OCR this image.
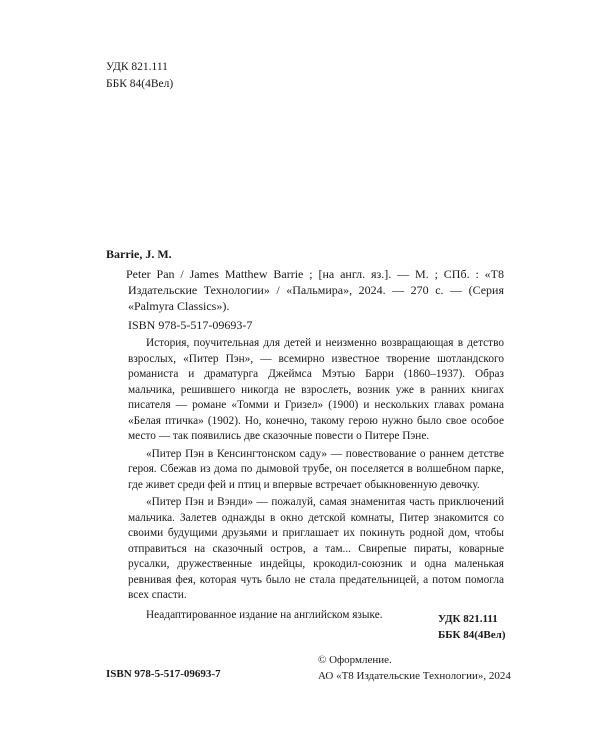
УДК 821.111
ББК 84(4Вел)
Barrie, J. M.
Peter Pan / James Matthew Barrie ; [на англ. яз.]. — М. ; СПб. : «Т8 Издательские Технологии» / «Пальмира», 2024. — 270 с. — (Серия «Palmyra Classics»).
ISBN 978-5-517-09693-7

История, поучительная для детей и неизменно возвращающая в детство взрослых, «Питер Пэн», — всемирно известное творение шотландского романиста и драматурга Джеймса Мэтью Барри (1860–1937). Образ мальчика, решившего никогда не взрослеть, возник уже в ранних книгах писателя — романе «Томми и Гризел» (1900) и нескольких главах романа «Белая птичка» (1902). Но, конечно, такому герою нужно было свое особое место — так появились две сказочные повести о Питере Пэне.

«Питер Пэн в Кенсингтонском саду» — повествование о раннем детстве героя. Сбежав из дома по дымовой трубе, он поселяется в волшебном парке, где живет среди фей и птиц и впервые встречает обыкновенную девочку.

«Питер Пэн и Вэнди» — пожалуй, самая знаменитая часть приключений мальчика. Залетев однажды в окно детской комнаты, Питер знакомится со своими будущими друзьями и приглашает их покинуть родной дом, чтобы отправиться на сказочный остров, а там... Свирепые пираты, коварные русалки, дружественные индейцы, крокодил-союзник и одна маленькая ревнивая фея, которая чуть было не стала предательницей, а потом помогла всех спасти.

Неадаптированное издание на английском языке.	УДК 821.111
ББК 84(4Вел)
ISBN 978-5-517-09693-7
© Оформление.
АО «Т8 Издательские Технологии», 2024
